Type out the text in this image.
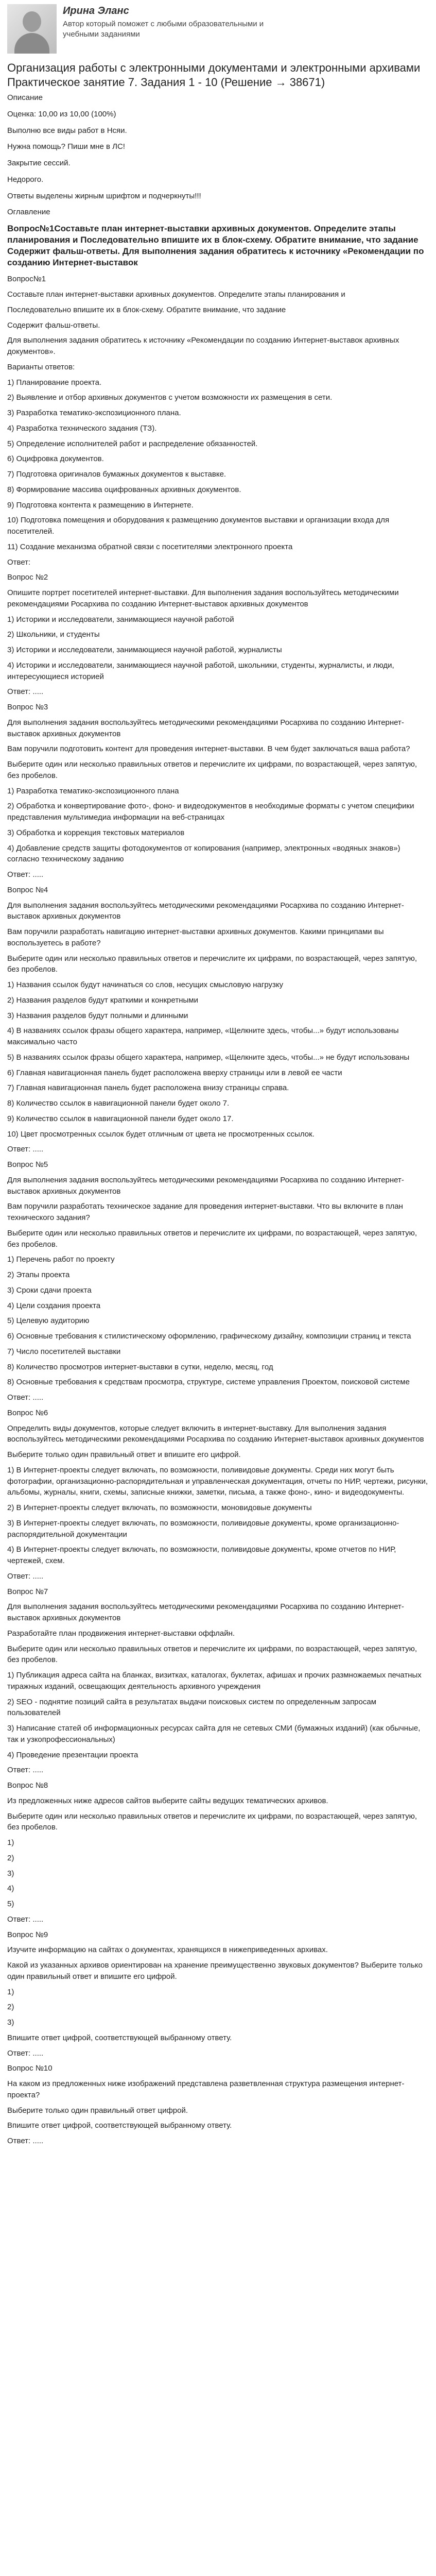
Ирина Эланс
Автор который поможет с любыми образовательными и учебными заданиями
Организация работы с электронными документами и электронными архивами Практическое занятие 7. Задания 1 - 10 (Решение → 38671)

Описание

Оценка: 10,00 из 10,00 (100%)

Выполню все виды работ в Нсяи.

Нужна помощь? Пиши мне в ЛС!

Закрытие сессий.

Недорого.

Ответы выделены жирным шрифтом и подчеркнуты!!!

Оглавление

Вопрос№1Составьте план интернет-выставки архивных документов. Определите этапы планирования и Последовательно впишите их в блок-схему. Обратите внимание, что задание Содержит фальш-ответы. Для выполнения задания обратитесь к источнику «Рекомендации по созданию Интернет-выставок

Вопрос№1

Составьте план интернет-выставки архивных документов. Определите этапы планирования и

Последовательно впишите их в блок-схему. Обратите внимание, что задание

Содержит фальш-ответы.

Для выполнения задания обратитесь к источнику «Рекомендации по созданию Интернет-выставок архивных документов».

Варианты ответов:

1) Планирование проекта.

2) Выявление и отбор архивных документов с учетом возможности их размещения в сети.

3) Разработка тематико-экспозиционного плана.

4) Разработка технического задания (ТЗ).

5) Определение исполнителей работ и распределение обязанностей.

6) Оцифровка документов.

7) Подготовка оригиналов бумажных документов к выставке.

8) Формирование массива оцифрованных архивных документов.

9) Подготовка контента к размещению в Интернете.

10) Подготовка помещения и оборудования к размещению документов выставки и организации входа для посетителей.

11) Создание механизма обратной связи с посетителями электронного проекта

Ответ:

Вопрос №2

Опишите портрет посетителей интернет-выставки. Для выполнения задания воспользуйтесь методическими рекомендациями Росархива по созданию Интернет-выставок архивных документов

1) Историки и исследователи, занимающиеся научной работой

2) Школьники, и студенты

3) Историки и исследователи, занимающиеся научной работой, журналисты

4) Историки и исследователи, занимающиеся научной работой, школьники, студенты, журналисты, и люди, интересующиеся историей

Ответ: .....

Вопрос №3

Для выполнения задания воспользуйтесь методическими рекомендациями Росархива по созданию Интернет-выставок архивных документов

Вам поручили подготовить контент для проведения интернет-выставки. В чем будет заключаться ваша работа?

Выберите один или несколько правильных ответов и перечислите их цифрами, по возрастающей, через запятую, без пробелов.

1) Разработка тематико-экспозиционного плана

2) Обработка и конвертирование фото-, фоно- и видеодокументов в необходимые форматы с учетом специфики представления мультимедиа информации на веб-страницах

3) Обработка и коррекция текстовых материалов

4) Добавление средств защиты фотодокументов от копирования (например, электронных «водяных знаков») согласно техническому заданию

Ответ: .....

Вопрос №4

Для выполнения задания воспользуйтесь методическими рекомендациями Росархива по созданию Интернет-выставок архивных документов

Вам поручили разработать навигацию интернет-выставки архивных документов. Какими принципами вы воспользуетесь в работе?

Выберите один или несколько правильных ответов и перечислите их цифрами, по возрастающей, через запятую, без пробелов.

1) Названия ссылок будут начинаться со слов, несущих смысловую нагрузку

2) Названия разделов будут краткими и конкретными

3) Названия разделов будут полными и длинными

4) В названиях ссылок фразы общего характера, например, «Щелкните здесь, чтобы...» будут использованы максимально часто

5) В названиях ссылок фразы общего характера, например, «Щелкните здесь, чтобы...» не будут использованы

6) Главная навигационная панель будет расположена вверху страницы или в левой ее части

7) Главная навигационная панель будет расположена внизу страницы справа.

8) Количество ссылок в навигационной панели будет около 7.

9) Количество ссылок в навигационной панели будет около 17.

10) Цвет просмотренных ссылок будет отличным от цвета не просмотренных ссылок.

Ответ: .....

Вопрос №5

Для выполнения задания воспользуйтесь методическими рекомендациями Росархива по созданию Интернет-выставок архивных документов

Вам поручили разработать техническое задание для проведения интернет-выставки. Что вы включите в план технического задания?

Выберите один или несколько правильных ответов и перечислите их цифрами, по возрастающей, через запятую, без пробелов.

1) Перечень работ по проекту

2) Этапы проекта

3) Сроки сдачи проекта

4) Цели создания проекта

5) Целевую аудиторию

6) Основные требования к стилистическому оформлению, графическому дизайну, композиции страниц и текста

7) Число посетителей выставки

8) Количество просмотров интернет-выставки в сутки, неделю, месяц, год

8) Основные требования к средствам просмотра, структуре, системе управления Проектом, поисковой системе

Ответ: .....

Вопрос №6

Определить виды документов, которые следует включить в интернет-выставку. Для выполнения задания воспользуйтесь методическими рекомендациями Росархива по созданию Интернет-выставок архивных документов

Выберите только один правильный ответ и впишите его цифрой.

1) В Интернет-проекты следует включать, по возможности, поливидовые документы. Среди них могут быть фотографии, организационно-распорядительная и управленческая документация, отчеты по НИР, чертежи, рисунки, альбомы, журналы, книги, схемы, записные книжки, заметки, письма, а также фоно-, кино- и видеодокументы.

2) В Интернет-проекты следует включать, по возможности, моновидовые документы

3) В Интернет-проекты следует включать, по возможности, поливидовые документы, кроме организационно-распорядительной документации

4) В Интернет-проекты следует включать, по возможности, поливидовые документы, кроме отчетов по НИР, чертежей, схем.

Ответ: .....

Вопрос №7

Для выполнения задания воспользуйтесь методическими рекомендациями Росархива по созданию Интернет-выставок архивных документов

Разработайте план продвижения интернет-выставки оффлайн.

Выберите один или несколько правильных ответов и перечислите их цифрами, по возрастающей, через запятую, без пробелов.

1) Публикация адреса сайта на бланках, визитках, каталогах, буклетах, афишах и прочих размножаемых печатных тиражных изданий, освещающих деятельность архивного учреждения

2) SEO - поднятие позиций сайта в результатах выдачи поисковых систем по определенным запросам пользователей

3) Написание статей об информационных ресурсах сайта для не сетевых СМИ (бумажных изданий) (как обычные, так и узкопрофессиональных)

4) Проведение презентации проекта

Ответ: .....

Вопрос №8

Из предложенных ниже адресов сайтов выберите сайты ведущих тематических архивов.

Выберите один или несколько правильных ответов и перечислите их цифрами, по возрастающей, через запятую, без пробелов.

1)

2)

3)

4)

5)

Ответ: .....

Вопрос №9

Изучите информацию на сайтах о документах, хранящихся в нижеприведенных архивах.

Какой из указанных архивов ориентирован на хранение преимущественно звуковых документов? Выберите только один правильный ответ и впишите его цифрой.

1)

2)

3)

Впишите ответ цифрой, соответствующей выбранному ответу.

Ответ: .....

Вопрос №10

На каком из предложенных ниже изображений представлена разветвленная структура размещения интернет-проекта?

Выберите только один правильный ответ цифрой.

Впишите ответ цифрой, соответствующей выбранному ответу.

Ответ: .....
